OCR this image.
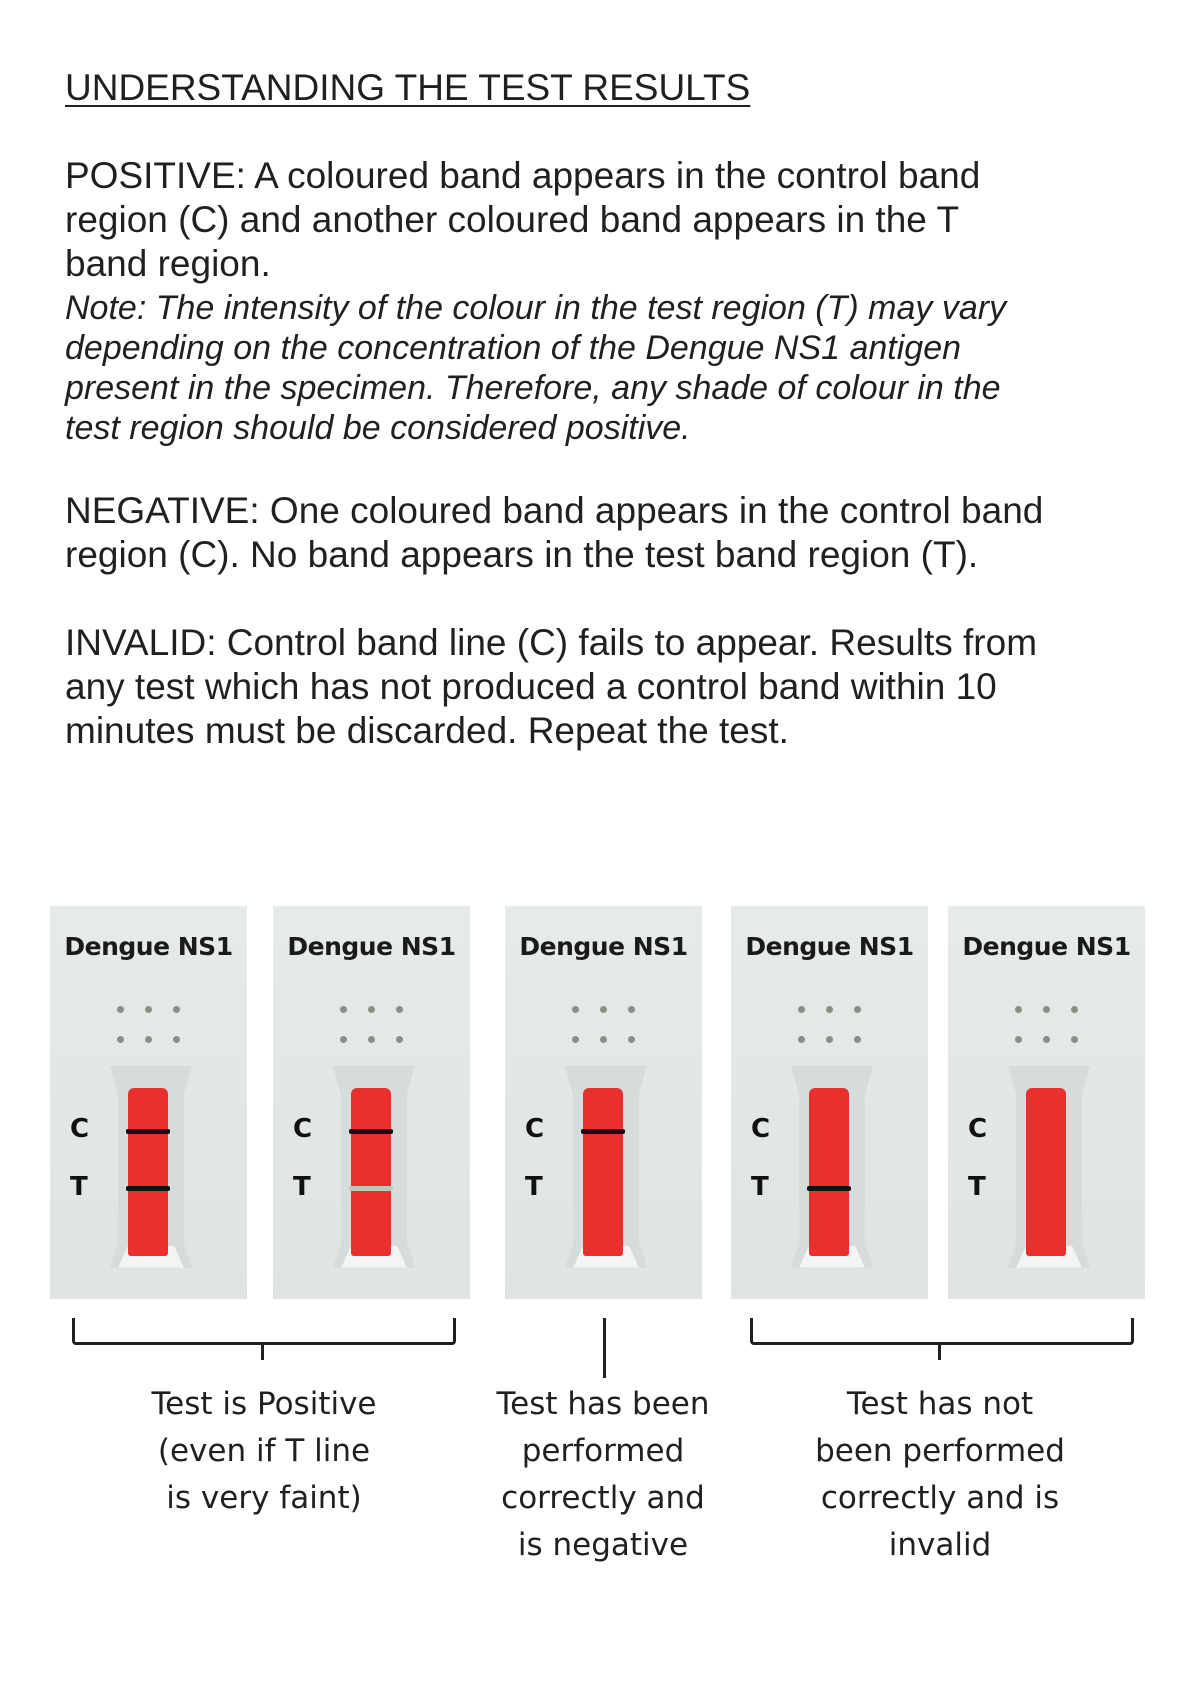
UNDERSTANDING THE TEST RESULTS
POSITIVE: A coloured band appears in the control band
region (C) and another coloured band appears in the T
band region.
Note: The intensity of the colour in the test region (T) may vary
depending on the concentration of the Dengue NS1 antigen
present in the specimen. Therefore, any shade of colour in the
test region should be considered positive.
NEGATIVE: One coloured band appears in the control band
region (C). No band appears in the test band region (T).
INVALID: Control band line (C) fails to appear. Results from
any test which has not produced a control band within 10
minutes must be discarded. Repeat the test.
Dengue NS1
C
T
Dengue NS1
C
T
Dengue NS1
C
T
Dengue NS1
C
T
Dengue NS1
C
T
Test is Positive
(even if T line
is very faint)
Test has been
performed
correctly and
is negative
Test has not
been performed
correctly and is
invalid
